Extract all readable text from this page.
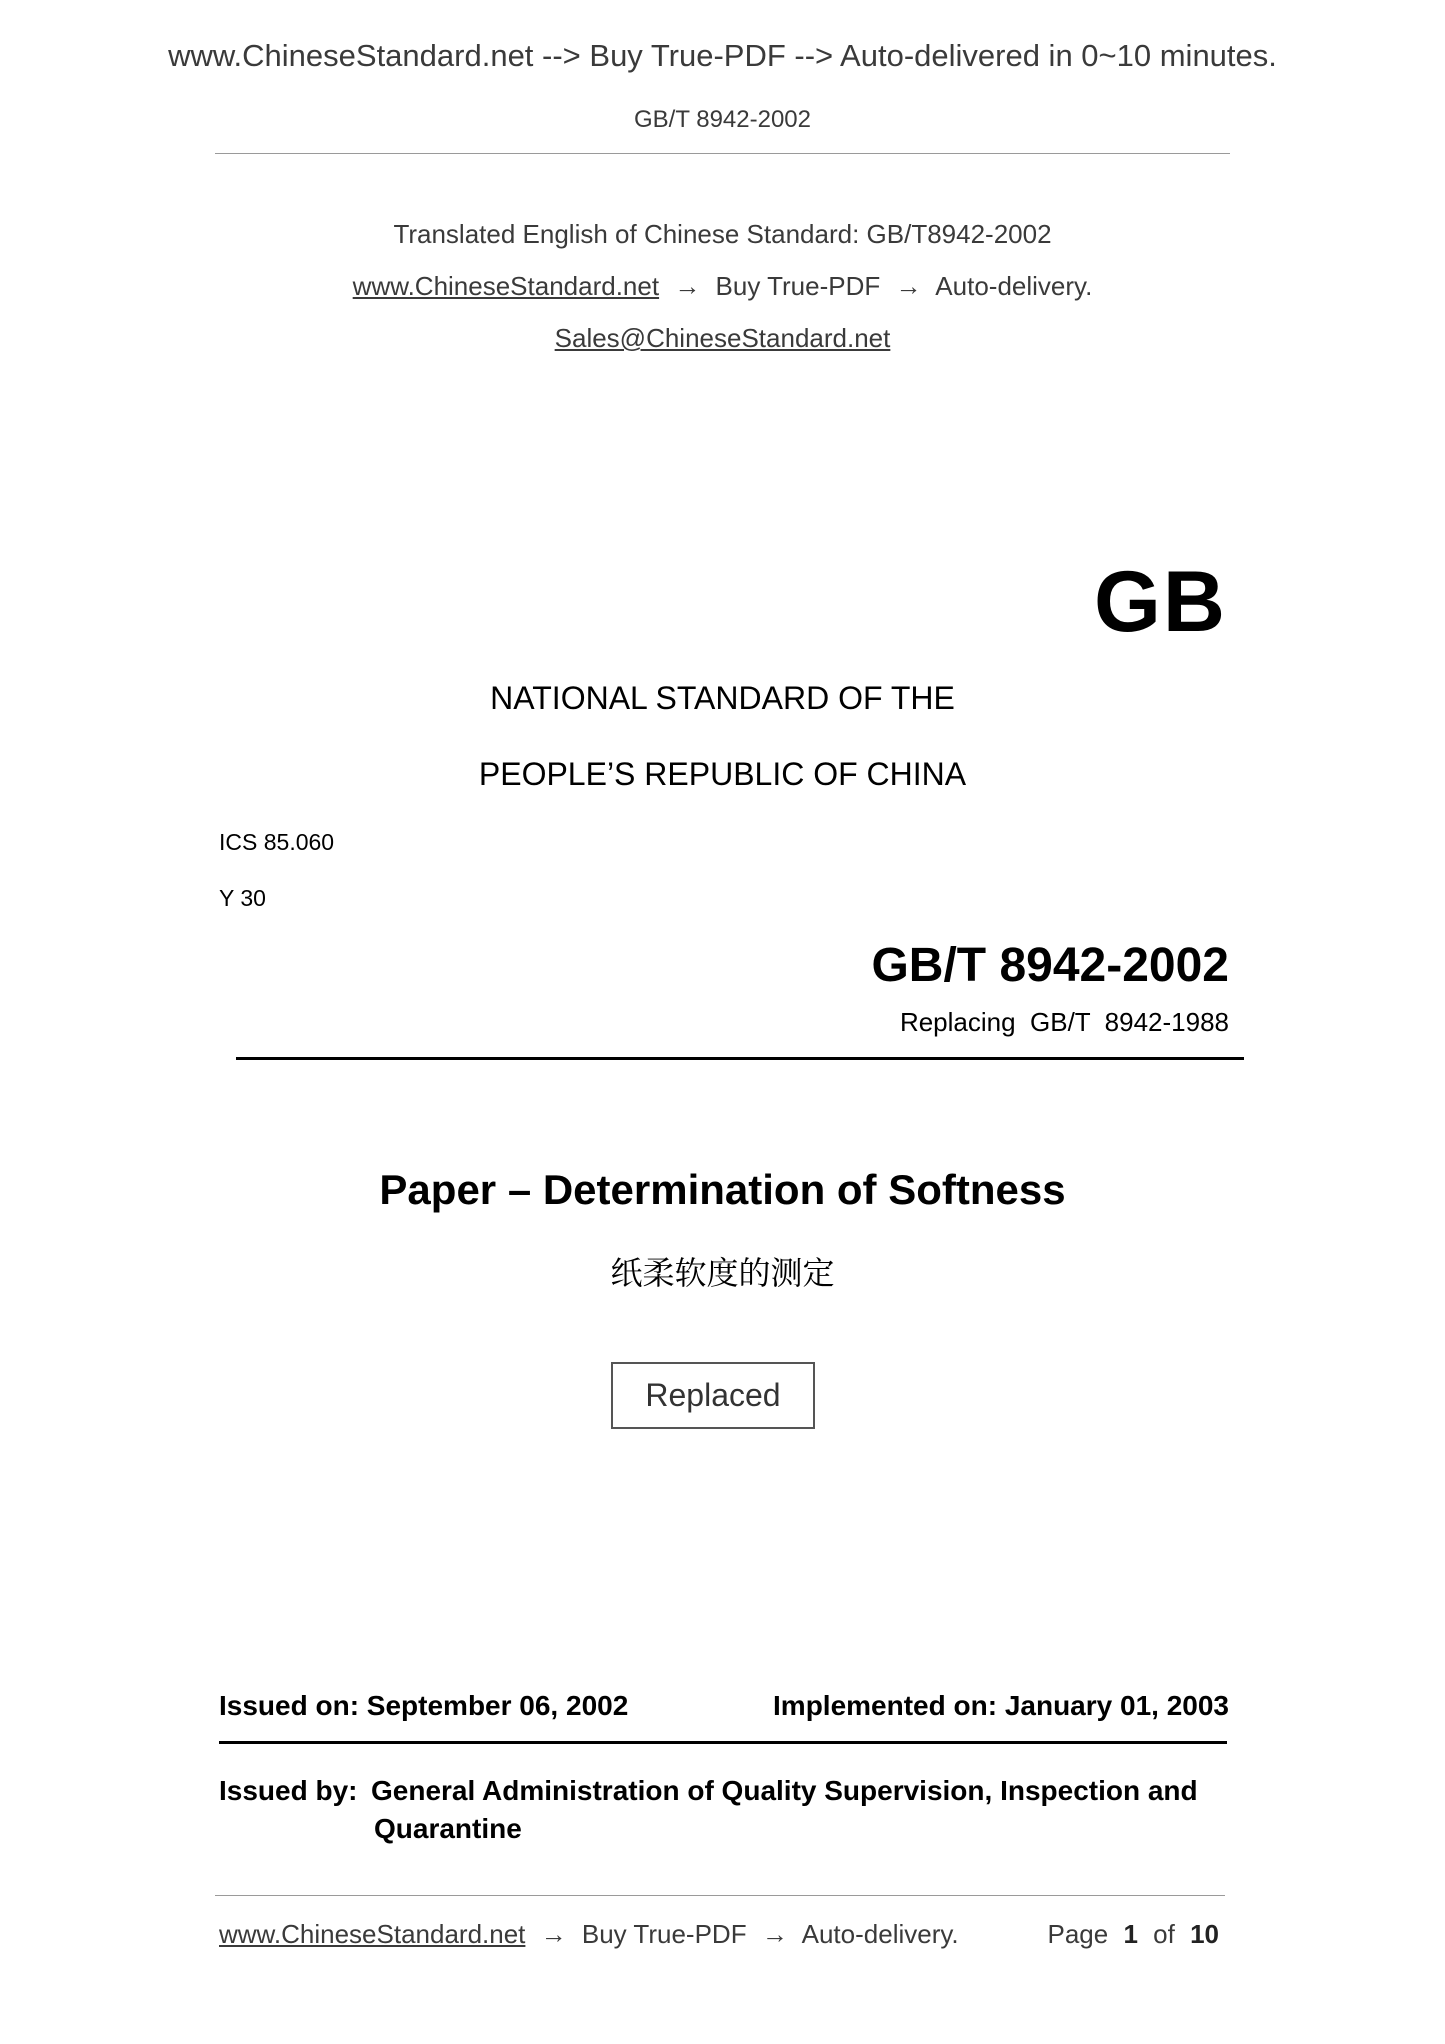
www.ChineseStandard.net --> Buy True-PDF --> Auto-delivered in 0~10 minutes.
GB/T 8942-2002
Translated English of Chinese Standard: GB/T8942-2002
www.ChineseStandard.net → Buy True-PDF → Auto-delivery.
Sales@ChineseStandard.net
GB
NATIONAL STANDARD OF THE
PEOPLE’S REPUBLIC OF CHINA
ICS 85.060
Y 30
GB/T 8942-2002
Replacing  GB/T  8942-1988
Paper – Determination of Softness
纸柔软度的测定
Replaced
Issued on: September 06, 2002	Implemented on: January 01, 2003
Issued by: General Administration of Quality Supervision, Inspection and
Quarantine
www.ChineseStandard.net → Buy True-PDF → Auto-delivery.	Page 1 of 10
